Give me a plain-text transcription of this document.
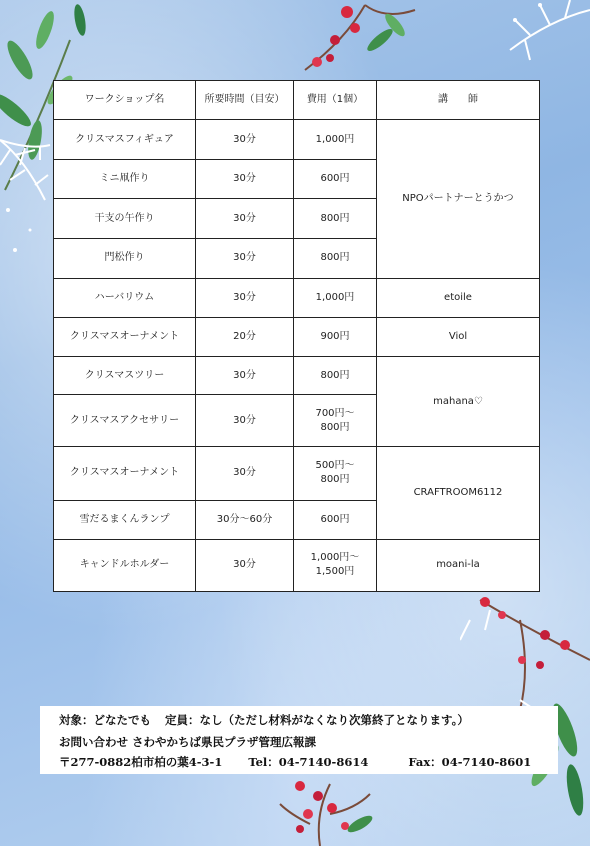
ワークショップ名	所要時間（目安）	費用（1個）	講　　師
クリスマスフィギュア	30分	1,000円	NPOパートナーとうかつ
ミニ凧作り	30分	600円	
干支の午作り	30分	800円	
門松作り	30分	800円	
ハーバリウム	30分	1,000円	etoile
クリスマスオーナメント	20分	900円	Viol
クリスマスツリー	30分	800円	mahana♡
クリスマスアクセサリー	30分	700円～800円	
クリスマスオーナメント	30分	500円～800円	CRAFTROOM6112
雪だるまくんランプ	30分～60分	600円	
キャンドルホルダー	30分	1,000円～1,500円	moani-la
対象：どなたでも 定員：なし（ただし材料がなくなり次第終了となります。）
お問い合わせ さわやかちば県民プラザ管理広報課
〒277-0882柏市柏の葉4-3-1 Tel：04-7140-8614	Fax：04-7140-8601
